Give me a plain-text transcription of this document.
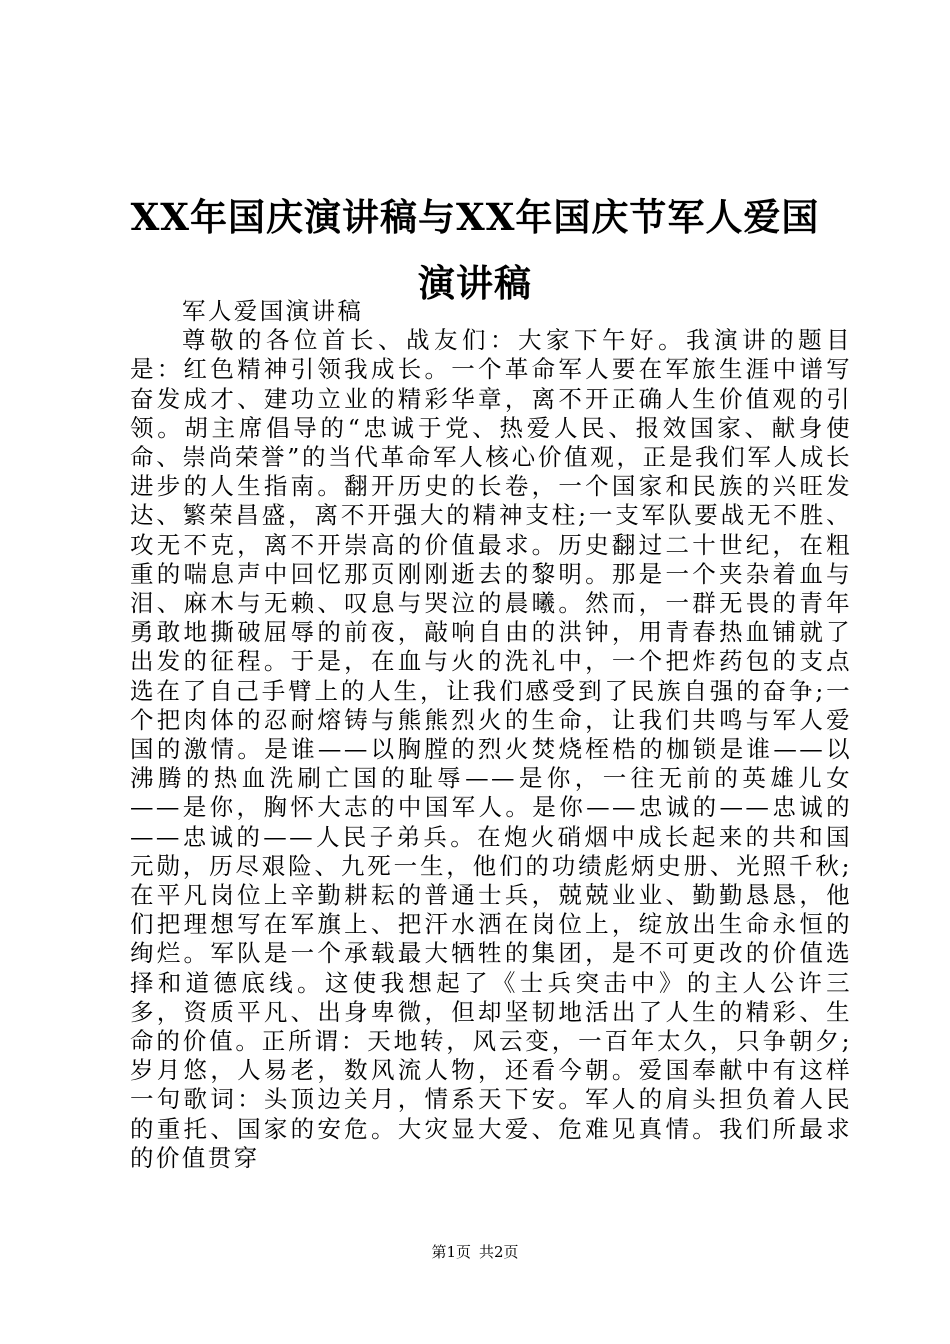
XX年国庆演讲稿与XX年国庆节军人爱国演讲稿

军人爱国演讲稿

尊敬的各位首长、战友们：大家下午好。我演讲的题目是：红色精神引领我成长。一个革命军人要在军旅生涯中谱写奋发成才、建功立业的精彩华章，离不开正确人生价值观的引领。胡主席倡导的“忠诚于党、热爱人民、报效国家、献身使命、崇尚荣誉”的当代革命军人核心价值观，正是我们军人成长进步的人生指南。翻开历史的长卷，一个国家和民族的兴旺发达、繁荣昌盛，离不开强大的精神支柱;一支军队要战无不胜、攻无不克，离不开崇高的价值最求。历史翻过二十世纪，在粗重的喘息声中回忆那页刚刚逝去的黎明。那是一个夹杂着血与泪、麻木与无赖、叹息与哭泣的晨曦。然而，一群无畏的青年勇敢地撕破屈辱的前夜，敲响自由的洪钟，用青春热血铺就了出发的征程。于是，在血与火的洗礼中，一个把炸药包的支点选在了自己手臂上的人生，让我们感受到了民族自强的奋争;一个把肉体的忍耐熔铸与熊熊烈火的生命，让我们共鸣与军人爱国的激情。是谁——以胸膛的烈火焚烧桎梏的枷锁是谁——以沸腾的热血洗刷亡国的耻辱——是你，一往无前的英雄儿女——是你，胸怀大志的中国军人。是你——忠诚的——忠诚的——忠诚的——人民子弟兵。在炮火硝烟中成长起来的共和国元勋，历尽艰险、九死一生，他们的功绩彪炳史册、光照千秋;在平凡岗位上辛勤耕耘的普通士兵，兢兢业业、勤勤恳恳，他们把理想写在军旗上、把汗水洒在岗位上，绽放出生命永恒的绚烂。军队是一个承载最大牺牲的集团，是不可更改的价值选择和道德底线。这使我想起了《士兵突击中》的主人公许三多，资质平凡、出身卑微，但却坚韧地活出了人生的精彩、生命的价值。正所谓：天地转，风云变，一百年太久，只争朝夕;岁月悠，人易老，数风流人物，还看今朝。爱国奉献中有这样一句歌词：头顶边关月，情系天下安。军人的肩头担负着人民的重托、国家的安危。大灾显大爱、危难见真情。我们所最求的价值贯穿

第1页 共2页
